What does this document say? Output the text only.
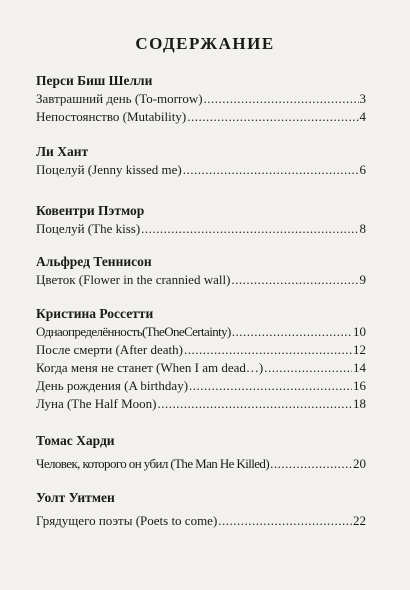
СОДЕРЖАНИЕ
Перси Биш Шелли
Завтрашний день (To-morrow) .....	3
Непостоянство (Mutability) .....	4
Ли Хант
Поцелуй (Jenny kissed me) .....	6
Ковентри Пэтмор
Поцелуй (The kiss) .....	8
Альфред Теннисон
Цветок (Flower in the crannied wall) .....	9
Кристина Россетти
Однаопределённость(TheOneCertainty) .....	10
После смерти (After death) .....	12
Когда меня не станет (When I am dead…) .....	14
День рождения (A birthday) .....	16
Луна (The Half Moon) .....	18
Томас Харди
Человек, которого он убил (The Man He Killed) .....	20
Уолт Уитмен
Грядущего поэты (Poets to come) .....	22
